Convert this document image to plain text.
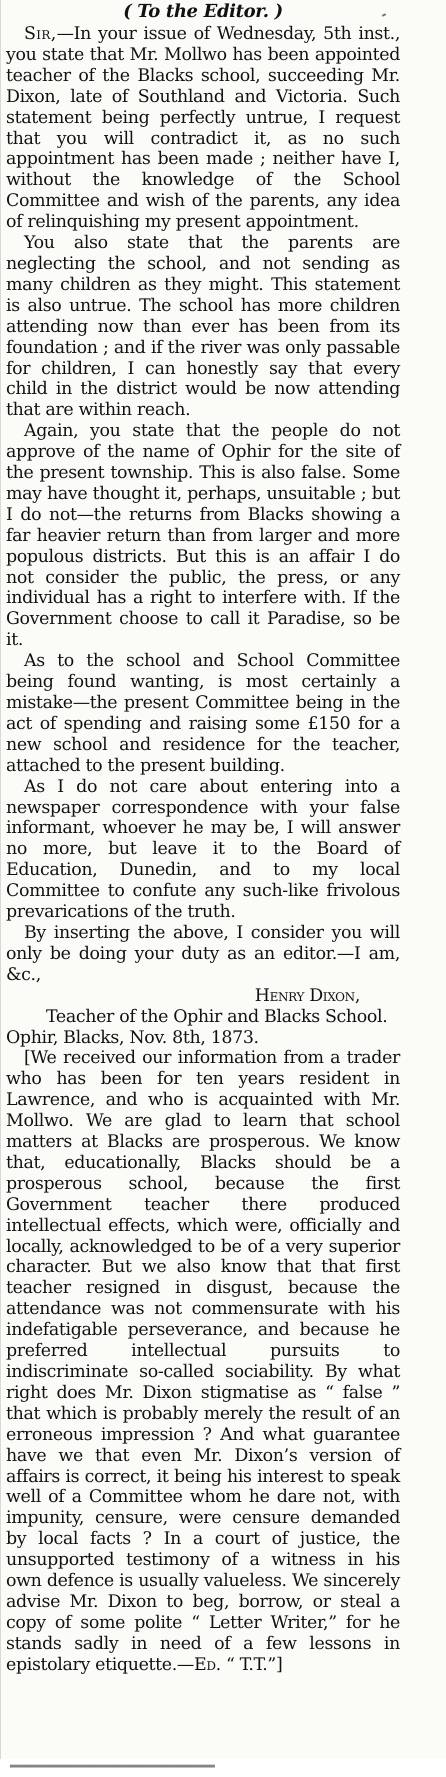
( To the Editor. )

Sir,—In your issue of Wednesday, 5th inst., you state that Mr. Mollwo has been appointed teacher of the Blacks school, succeeding Mr. Dixon, late of Southland and Victoria. Such statement being perfectly untrue, I request that you will contradict it, as no such appointment has been made ; neither have I, without the knowledge of the School Committee and wish of the parents, any idea of relinquishing my present appointment.

You also state that the parents are neglecting the school, and not sending as many children as they might. This statement is also untrue. The school has more children attending now than ever has been from its foundation ; and if the river was only passable for children, I can honestly say that every child in the district would be now attending that are within reach.

Again, you state that the people do not approve of the name of Ophir for the site of the present township. This is also false. Some may have thought it, perhaps, unsuitable ; but I do not—the returns from Blacks showing a far heavier return than from larger and more populous districts. But this is an affair I do not consider the public, the press, or any individual has a right to interfere with. If the Government choose to call it Paradise, so be it.

As to the school and School Committee being found wanting, is most certainly a mistake—the present Committee being in the act of spending and raising some £150 for a new school and residence for the teacher, attached to the present building.

As I do not care about entering into a newspaper correspondence with your false informant, whoever he may be, I will answer no more, but leave it to the Board of Education, Dunedin, and to my local Committee to confute any such-like frivolous prevarications of the truth.

By inserting the above, I consider you will only be doing your duty as an editor.—I am, &c.,

Henry Dixon,

Teacher of the Ophir and Blacks School.

Ophir, Blacks, Nov. 8th, 1873.

[We received our information from a trader who has been for ten years resident in Lawrence, and who is acquainted with Mr. Mollwo. We are glad to learn that school matters at Blacks are prosperous. We know that, educationally, Blacks should be a prosperous school, because the first Government teacher there produced intellectual effects, which were, officially and locally, acknowledged to be of a very superior character. But we also know that that first teacher resigned in disgust, because the attendance was not commensurate with his indefatigable perseverance, and because he preferred intellectual pursuits to indiscriminate so-called sociability. By what right does Mr. Dixon stigmatise as “ false ” that which is probably merely the result of an erroneous impression ? And what guarantee have we that even Mr. Dixon’s version of affairs is correct, it being his interest to speak well of a Committee whom he dare not, with impunity, censure, were censure demanded by local facts ? In a court of justice, the unsupported testimony of a witness in his own defence is usually valueless. We sincerely advise Mr. Dixon to beg, borrow, or steal a copy of some polite “ Letter Writer,” for he stands sadly in need of a few lessons in epistolary etiquette.—Ed. “ T.T.”]

━━━━━━━━━━━━━━━━━━━━
